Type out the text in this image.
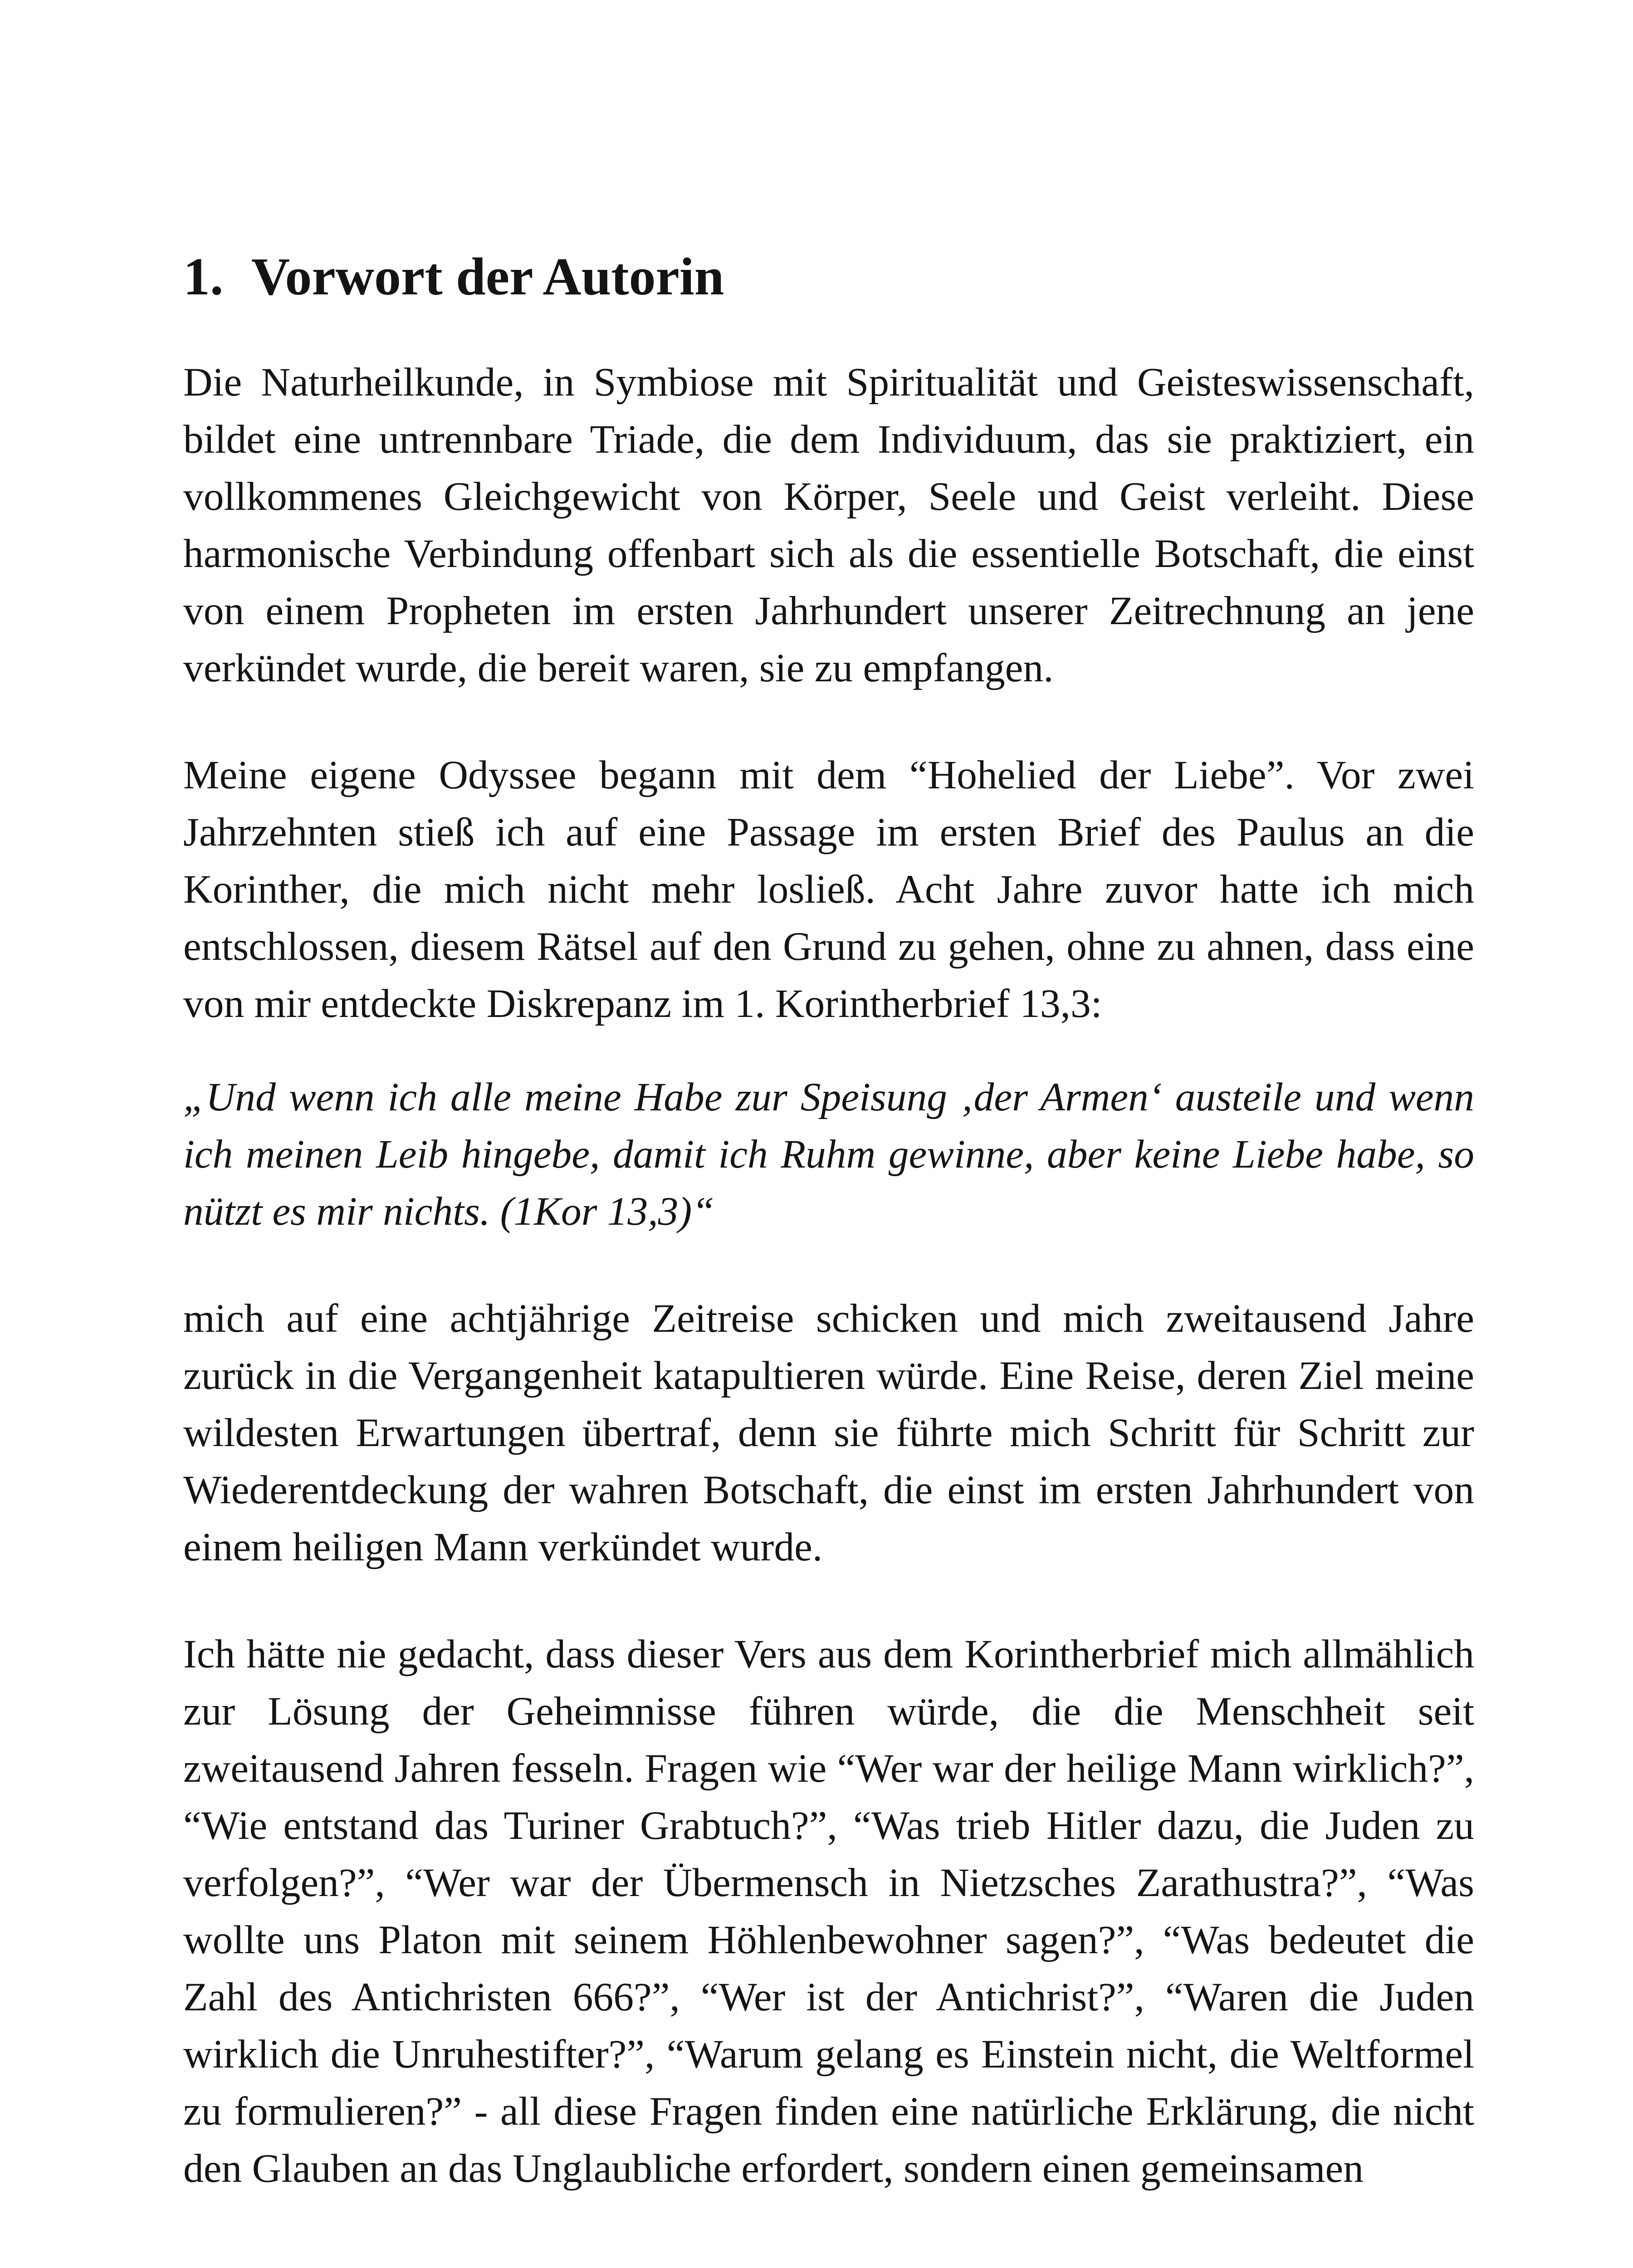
1. Vorwort der Autorin

Die Naturheilkunde, in Symbiose mit Spiritualität und Geisteswissenschaft, bildet eine untrennbare Triade, die dem Individuum, das sie praktiziert, ein vollkommenes Gleichgewicht von Körper, Seele und Geist verleiht. Diese harmonische Verbindung offenbart sich als die essentielle Botschaft, die einst von einem Propheten im ersten Jahrhundert unserer Zeitrechnung an jene verkündet wurde, die bereit waren, sie zu empfangen.

Meine eigene Odyssee begann mit dem “Hohelied der Liebe”. Vor zwei Jahrzehnten stieß ich auf eine Passage im ersten Brief des Paulus an die Korinther, die mich nicht mehr losließ. Acht Jahre zuvor hatte ich mich entschlossen, diesem Rätsel auf den Grund zu gehen, ohne zu ahnen, dass eine von mir entdeckte Diskrepanz im 1. Korintherbrief 13,3:

„Und wenn ich alle meine Habe zur Speisung ‚der Armen‘ austeile und wenn ich meinen Leib hingebe, damit ich Ruhm gewinne, aber keine Liebe habe, so nützt es mir nichts. (1Kor 13,3)“

mich auf eine achtjährige Zeitreise schicken und mich zweitausend Jahre zurück in die Vergangenheit katapultieren würde. Eine Reise, deren Ziel meine wildesten Erwartungen übertraf, denn sie führte mich Schritt für Schritt zur Wiederentdeckung der wahren Botschaft, die einst im ersten Jahrhundert von einem heiligen Mann verkündet wurde.

Ich hätte nie gedacht, dass dieser Vers aus dem Korintherbrief mich allmählich zur Lösung der Geheimnisse führen würde, die die Menschheit seit zweitausend Jahren fesseln. Fragen wie “Wer war der heilige Mann wirklich?”, “Wie entstand das Turiner Grabtuch?”, “Was trieb Hitler dazu, die Juden zu verfolgen?”, “Wer war der Übermensch in Nietzsches Zarathustra?”, “Was wollte uns Platon mit seinem Höhlenbewohner sagen?”, “Was bedeutet die Zahl des Antichristen 666?”, “Wer ist der Antichrist?”, “Waren die Juden wirklich die Unruhestifter?”, “Warum gelang es Einstein nicht, die Weltformel zu formulieren?” - all diese Fragen finden eine natürliche Erklärung, die nicht den Glauben an das Unglaubliche erfordert, sondern einen gemeinsamen
